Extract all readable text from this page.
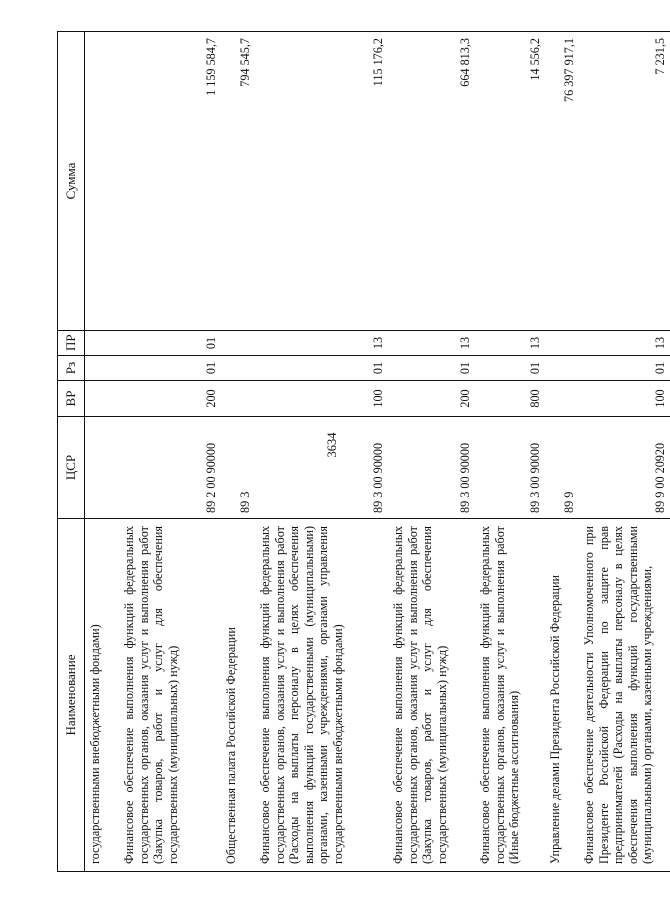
3634
Наименование	ЦСР	ВР	Рз	ПР	Сумма
государственными внебюджетными фондами)					
Финансовое обеспечение выполнения функций федеральных государственных органов, оказания услуг и выполнения работ (Закупка товаров, работ и услуг для обеспечения государственных (муниципальных) нужд)	89 2 00 90000	200	01	01	1 159 584,7
Общественная палата Российской Федерации	89 3				794 545,7
Финансовое обеспечение выполнения функций федеральных государственных органов, оказания услуг и выполнения работ (Расходы на выплаты персоналу в целях обеспечения выполнения функций государственными (муниципальными) органами, казенными учреждениями, органами управления государственными внебюджетными фондами)	89 3 00 90000	100	01	13	115 176,2
Финансовое обеспечение выполнения функций федеральных государственных органов, оказания услуг и выполнения работ (Закупка товаров, работ и услуг для обеспечения государственных (муниципальных) нужд)	89 3 00 90000	200	01	13	664 813,3
Финансовое обеспечение выполнения функций федеральных государственных органов, оказания услуг и выполнения работ (Иные бюджетные ассигнования)	89 3 00 90000	800	01	13	14 556,2
Управление делами Президента Российской Федерации	89 9				76 397 917,1
Финансовое обеспечение деятельности Уполномоченного при Президенте Российской Федерации по защите прав предпринимателей (Расходы на выплаты персоналу в целях обеспечения выполнения функций государственными (муниципальными) органами, казенными учреждениями,	89 9 00 20920	100	01	13	7 231,5
